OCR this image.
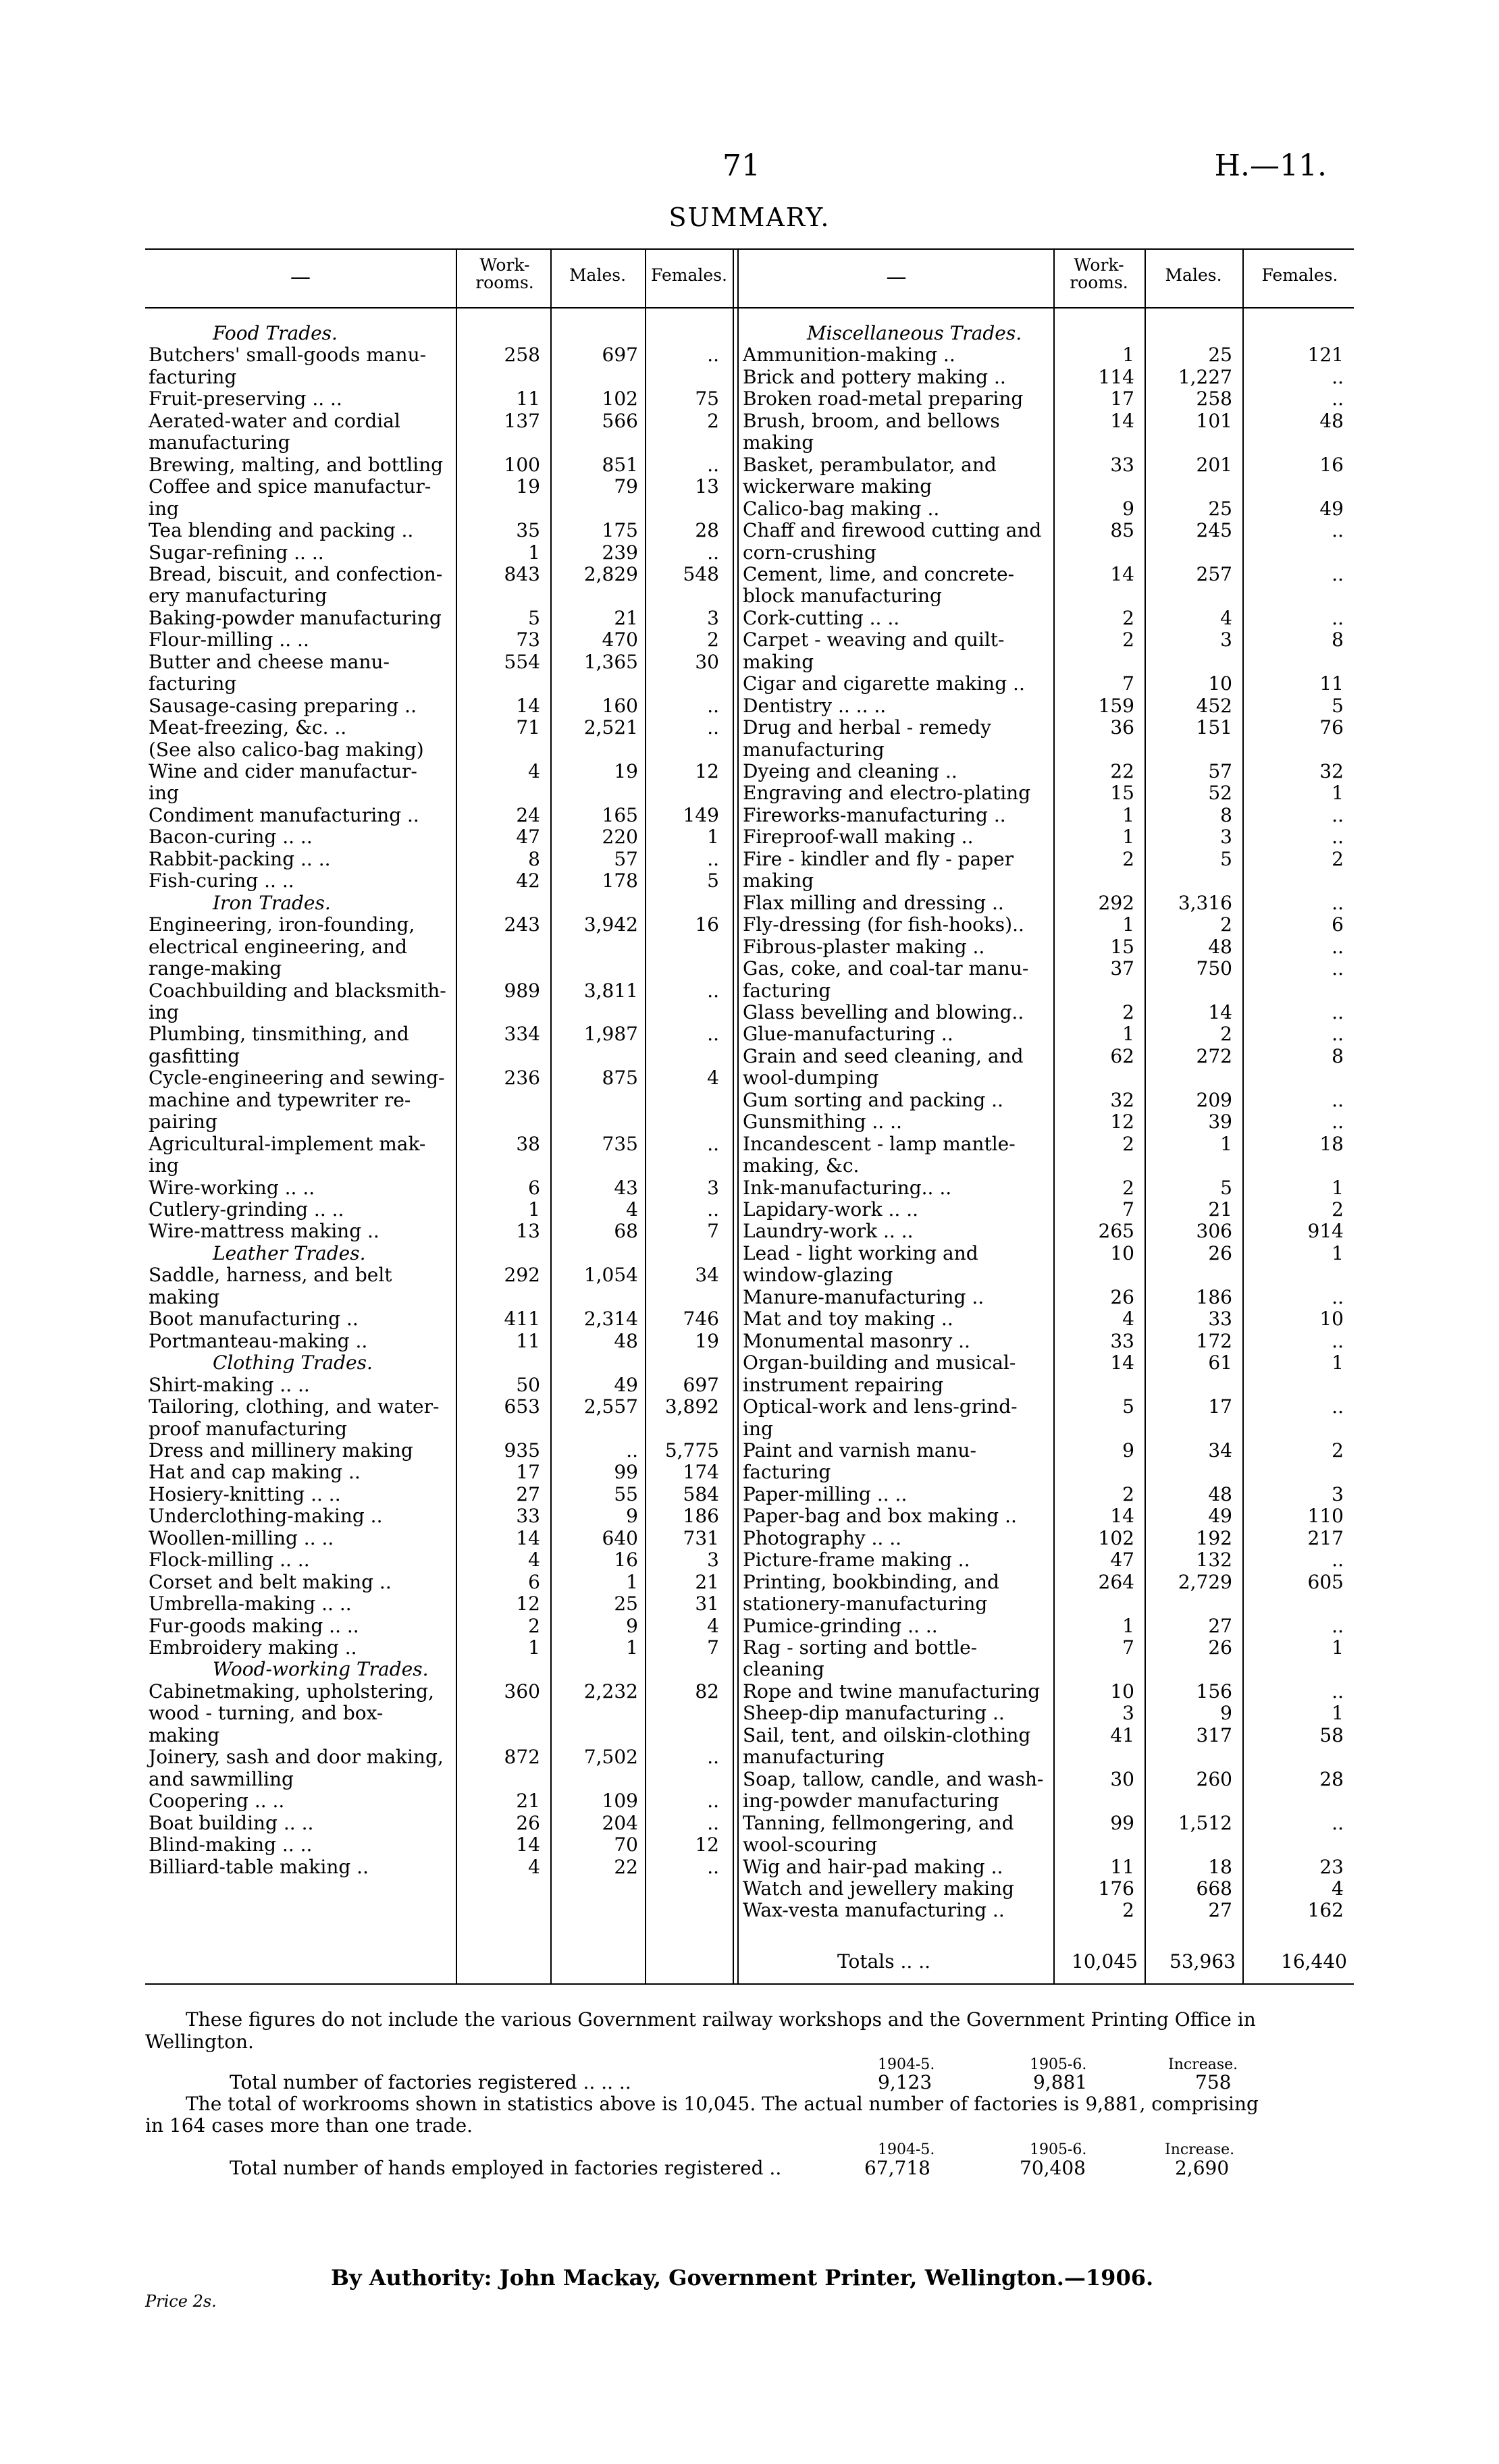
71	H.—11.
SUMMARY.
—
Work-rooms.	Males.	Females.	—
Work-rooms.	Males.	Females.
Food Trades.
Butchers' small-goods manu-	258	697	..
facturing
Fruit-preserving .. ..	11	102	75
Aerated-water and cordial	137	566	2
manufacturing
Brewing, malting, and bottling	100	851	..
Coffee and spice manufactur-	19	79	13
ing
Tea blending and packing ..	35	175	28
Sugar-refining .. ..	1	239	..
Bread, biscuit, and confection-	843	2,829	548
ery manufacturing
Baking-powder manufacturing	5	21	3
Flour-milling .. ..	73	470	2
Butter and cheese manu-	554	1,365	30
facturing
Sausage-casing preparing ..	14	160	..
Meat-freezing, &c. ..	71	2,521	..
(See also calico-bag making)
Wine and cider manufactur-	4	19	12
ing
Condiment manufacturing ..	24	165	149
Bacon-curing .. ..	47	220	1
Rabbit-packing .. ..	8	57	..
Fish-curing .. ..	42	178	5
Iron Trades.
Engineering, iron-founding,	243	3,942	16
electrical engineering, and
range-making
Coachbuilding and blacksmith-	989	3,811	..
ing
Plumbing, tinsmithing, and	334	1,987	..
gasfitting
Cycle-engineering and sewing-	236	875	4
machine and typewriter re-
pairing
Agricultural-implement mak-	38	735	..
ing
Wire-working .. ..	6	43	3
Cutlery-grinding .. ..	1	4	..
Wire-mattress making ..	13	68	7
Leather Trades.
Saddle, harness, and belt	292	1,054	34
making
Boot manufacturing ..	411	2,314	746
Portmanteau-making ..	11	48	19
Clothing Trades.
Shirt-making .. ..	50	49	697
Tailoring, clothing, and water-	653	2,557	3,892
proof manufacturing
Dress and millinery making	935	..	5,775
Hat and cap making ..	17	99	174
Hosiery-knitting .. ..	27	55	584
Underclothing-making ..	33	9	186
Woollen-milling .. ..	14	640	731
Flock-milling .. ..	4	16	3
Corset and belt making ..	6	1	21
Umbrella-making .. ..	12	25	31
Fur-goods making .. ..	2	9	4
Embroidery making ..	1	1	7
Wood-working Trades.
Cabinetmaking, upholstering,	360	2,232	82
wood - turning, and box-
making
Joinery, sash and door making,	872	7,502	..
and sawmilling
Coopering .. ..	21	109	..
Boat building .. ..	26	204	..
Blind-making .. ..	14	70	12
Billiard-table making ..	4	22	..
Miscellaneous Trades.
Ammunition-making ..	1	25	121
Brick and pottery making ..	114	1,227	..
Broken road-metal preparing	17	258	..
Brush, broom, and bellows	14	101	48
making
Basket, perambulator, and	33	201	16
wickerware making
Calico-bag making ..	9	25	49
Chaff and firewood cutting and	85	245	..
corn-crushing
Cement, lime, and concrete-	14	257	..
block manufacturing
Cork-cutting .. ..	2	4	..
Carpet - weaving and quilt-	2	3	8
making
Cigar and cigarette making ..	7	10	11
Dentistry .. .. ..	159	452	5
Drug and herbal - remedy	36	151	76
manufacturing
Dyeing and cleaning ..	22	57	32
Engraving and electro-plating	15	52	1
Fireworks-manufacturing ..	1	8	..
Fireproof-wall making ..	1	3	..
Fire - kindler and fly - paper	2	5	2
making
Flax milling and dressing ..	292	3,316	..
Fly-dressing (for fish-hooks)..	1	2	6
Fibrous-plaster making ..	15	48	..
Gas, coke, and coal-tar manu-	37	750	..
facturing
Glass bevelling and blowing..	2	14	..
Glue-manufacturing ..	1	2	..
Grain and seed cleaning, and	62	272	8
wool-dumping
Gum sorting and packing ..	32	209	..
Gunsmithing .. ..	12	39	..
Incandescent - lamp mantle-	2	1	18
making, &c.
Ink-manufacturing.. ..	2	5	1
Lapidary-work .. ..	7	21	2
Laundry-work .. ..	265	306	914
Lead - light working and	10	26	1
window-glazing
Manure-manufacturing ..	26	186	..
Mat and toy making ..	4	33	10
Monumental masonry ..	33	172	..
Organ-building and musical-	14	61	1
instrument repairing
Optical-work and lens-grind-	5	17	..
ing
Paint and varnish manu-	9	34	2
facturing
Paper-milling .. ..	2	48	3
Paper-bag and box making ..	14	49	110
Photography .. ..	102	192	217
Picture-frame making ..	47	132	..
Printing, bookbinding, and	264	2,729	605
stationery-manufacturing
Pumice-grinding .. ..	1	27	..
Rag - sorting and bottle-	7	26	1
cleaning
Rope and twine manufacturing	10	156	..
Sheep-dip manufacturing ..	3	9	1
Sail, tent, and oilskin-clothing	41	317	58
manufacturing
Soap, tallow, candle, and wash-	30	260	28
ing-powder manufacturing
Tanning, fellmongering, and	99	1,512	..
wool-scouring
Wig and hair-pad making ..	11	18	23
Watch and jewellery making	176	668	4
Wax-vesta manufacturing ..	2	27	162
Totals .. ..	10,045	53,963	16,440
These figures do not include the various Government railway workshops and the Government Printing Office in
Wellington.
1904-5.	1905-6.	Increase.
Total number of factories registered .. .. ..	9,123	9,881	758
The total of workrooms shown in statistics above is 10,045. The actual number of factories is 9,881, comprising
in 164 cases more than one trade.
1904-5.	1905-6.	Increase.
Total number of hands employed in factories registered ..	67,718	70,408	2,690
By Authority: John Mackay, Government Printer, Wellington.—1906.
Price 2s.
